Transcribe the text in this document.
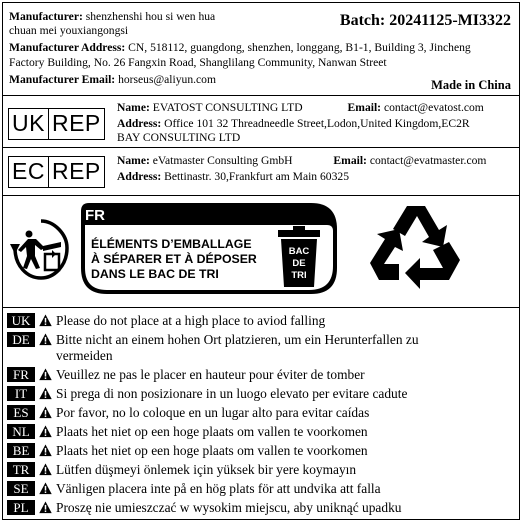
Manufacturer: shenzhenshi hou si wen hua
chuan mei youxiangongsi
Batch: 20241125-MI3322
Manufacturer Address: CN, 518112, guangdong, shenzhen, longgang, B1-1, Building 3, Jincheng
Factory Building, No. 26 Fangxin Road, Shanglilang Community, Nanwan Street
Manufacturer Email: horseus@aliyun.com	Made in China
UK REP
Name: EVATOST CONSULTING LTD	Email: contact@evatost.com
Address: Office 101 32 Threadneedle Street,Lodon,United Kingdom,EC2R
BAY CONSULTING LTD
EC REP Name: eVatmaster Consulting GmbH	Email: contact@evatmaster.com
Address: Bettinastr. 30,Frankfurt am Main 60325
FR
ÉLÉMENTS D’EMBALLAGE
À SÉPARER ET À DÉPOSER
DANS LE BAC DE TRI
BAC
DE
TRI
UK	Please do not place at a high place to aviod falling
DE	Bitte nicht an einem hohen Ort platzieren, um ein Herunterfallen zu
vermeiden
FR	Veuillez ne pas le placer en hauteur pour éviter de tomber
IT	Si prega di non posizionare in un luogo elevato per evitare cadute
ES	Por favor, no lo coloque en un lugar alto para evitar caídas
NL	Plaats het niet op een hoge plaats om vallen te voorkomen
BE	Plaats het niet op een hoge plaats om vallen te voorkomen
TR	Lütfen düşmeyi önlemek için yüksek bir yere koymayın
SE	Vänligen placera inte på en hög plats för att undvika att falla
PL	Proszę nie umieszczać w wysokim miejscu, aby uniknąć upadku
